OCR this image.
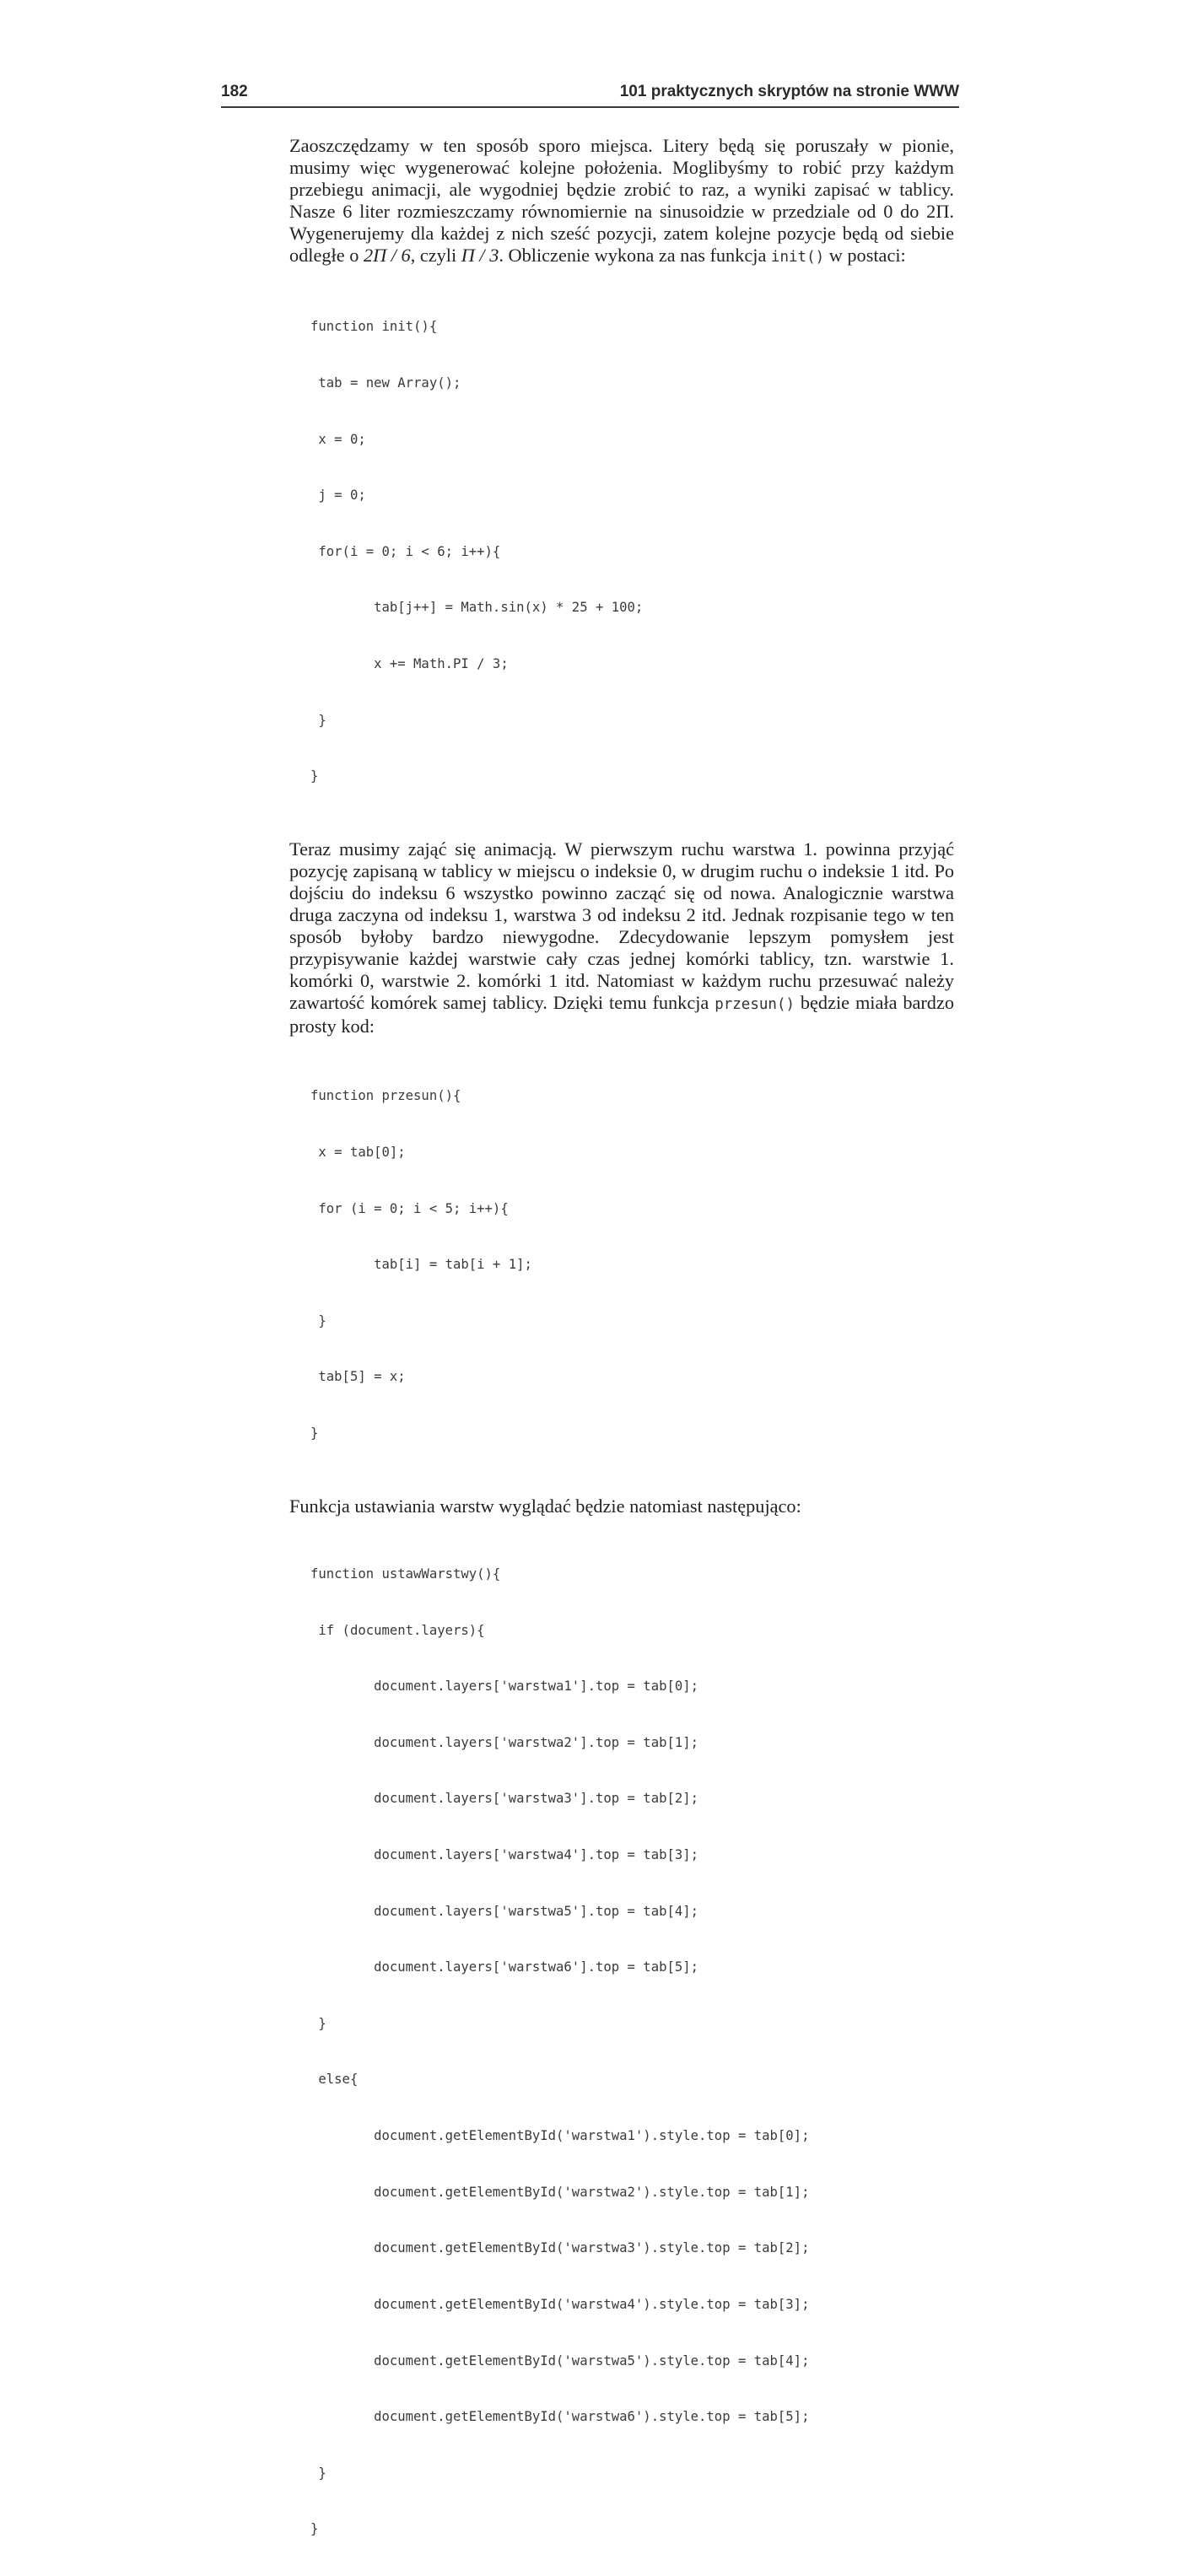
182	101 praktycznych skryptów na stronie WWW

Zaoszczędzamy w ten sposób sporo miejsca. Litery będą się poruszały w pionie, musimy więc wygenerować kolejne położenia. Moglibyśmy to robić przy każdym przebiegu animacji, ale wygodniej będzie zrobić to raz, a wyniki zapisać w tablicy. Nasze 6 liter rozmieszczamy równomiernie na sinusoidzie w przedziale od 0 do 2Π. Wygenerujemy dla każdej z nich sześć pozycji, zatem kolejne pozycje będą od siebie odległe o 2Π / 6, czyli Π / 3. Obliczenie wykona za nas funkcja init() w postaci:

function init(){

tab = new Array();

x = 0;

j = 0;

for(i = 0; i < 6; i++){

tab[j++] = Math.sin(x) * 25 + 100;

x += Math.PI / 3;

}

}

Teraz musimy zająć się animacją. W pierwszym ruchu warstwa 1. powinna przyjąć pozycję zapisaną w tablicy w miejscu o indeksie 0, w drugim ruchu o indeksie 1 itd. Po dojściu do indeksu 6 wszystko powinno zacząć się od nowa. Analogicznie warstwa druga zaczyna od indeksu 1, warstwa 3 od indeksu 2 itd. Jednak rozpisanie tego w ten sposób byłoby bardzo niewygodne. Zdecydowanie lepszym pomysłem jest przypisywanie każdej warstwie cały czas jednej komórki tablicy, tzn. warstwie 1. komórki 0, warstwie 2. komórki 1 itd. Natomiast w każdym ruchu przesuwać należy zawartość komórek samej tablicy. Dzięki temu funkcja przesun() będzie miała bardzo prosty kod:

function przesun(){

x = tab[0];

for (i = 0; i < 5; i++){

tab[i] = tab[i + 1];

}

tab[5] = x;

}

Funkcja ustawiania warstw wyglądać będzie natomiast następująco:

function ustawWarstwy(){

if (document.layers){

document.layers['warstwa1'].top = tab[0];

document.layers['warstwa2'].top = tab[1];

document.layers['warstwa3'].top = tab[2];

document.layers['warstwa4'].top = tab[3];

document.layers['warstwa5'].top = tab[4];

document.layers['warstwa6'].top = tab[5];

}

else{

document.getElementById('warstwa1').style.top = tab[0];

document.getElementById('warstwa2').style.top = tab[1];

document.getElementById('warstwa3').style.top = tab[2];

document.getElementById('warstwa4').style.top = tab[3];

document.getElementById('warstwa5').style.top = tab[4];

document.getElementById('warstwa6').style.top = tab[5];

}

}
